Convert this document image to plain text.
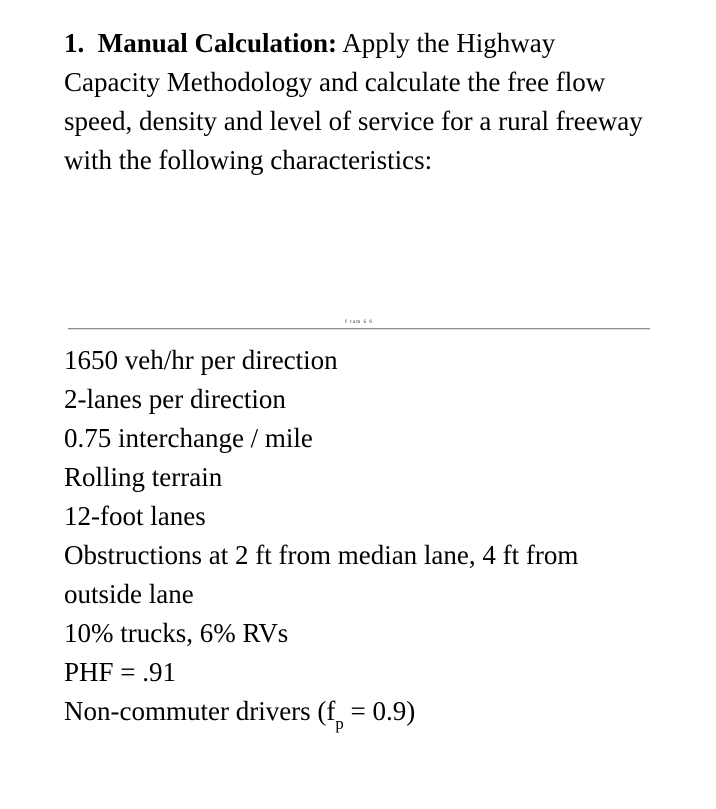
1.  Manual Calculation: Apply the Highway Capacity Methodology and calculate the free flow speed, density and level of service for a rural freeway with the following characteristics:

f rom S 6
1650 veh/hr per direction
2-lanes per direction
0.75 interchange / mile
Rolling terrain
12-foot lanes
Obstructions at 2 ft from median lane, 4 ft from outside lane
10% trucks, 6% RVs
PHF = .91
Non-commuter drivers $(f_p = 0.9)$
